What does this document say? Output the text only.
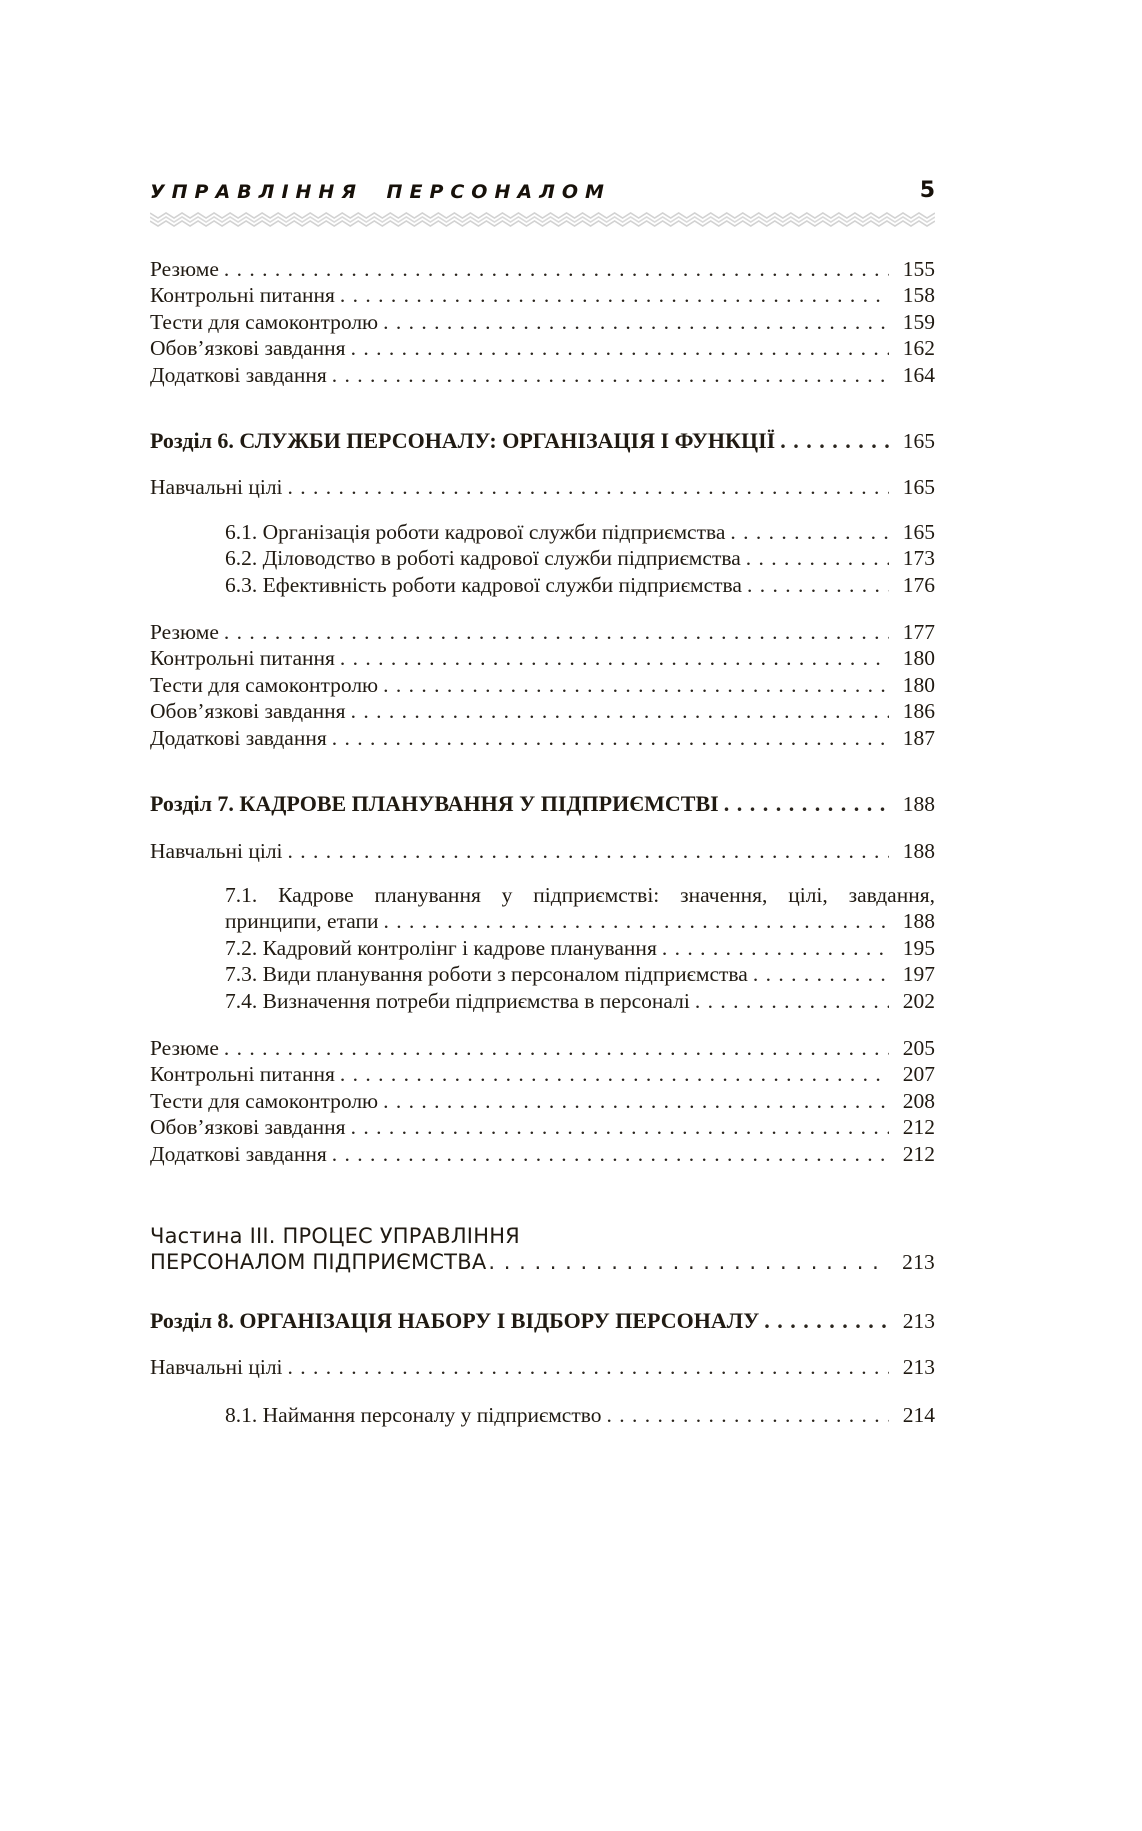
УПРАВЛІННЯ ПЕРСОНАЛОМ	5
Резюме . . .	155
Контрольні питання . . .	158
Тести для самоконтролю . . .	159
Обов’язкові завдання . . .	162
Додаткові завдання . . .	164
Розділ 6. СЛУЖБИ ПЕРСОНАЛУ: ОРГАНІЗАЦІЯ І ФУНКЦІЇ . . .	165
Навчальні цілі . . .	165
6.1. Організація роботи кадрової служби підприємства . . .	165
6.2. Діловодство в роботі кадрової служби підприємства . . .	173
6.3. Ефективність роботи кадрової служби підприємства . . .	176
Резюме . . .	177
Контрольні питання . . .	180
Тести для самоконтролю . . .	180
Обов’язкові завдання . . .	186
Додаткові завдання . . .	187
Розділ 7. КАДРОВЕ ПЛАНУВАННЯ У ПІДПРИЄМСТВІ . . .	188
Навчальні цілі . . .	188
7.1. Кадрове планування у підприємстві: значення, цілі, завдання,
принципи, етапи . . .	188
7.2. Кадровий контролінг і кадрове планування . . .	195
7.3. Види планування роботи з персоналом підприємства . . .	197
7.4. Визначення потреби підприємства в персоналі . . .	202
Резюме . . .	205
Контрольні питання . . .	207
Тести для самоконтролю . . .	208
Обов’язкові завдання . . .	212
Додаткові завдання . . .	212
Частина III. ПРОЦЕС УПРАВЛІННЯ
ПЕРСОНАЛОМ ПІДПРИЄМСТВА . . .	213
Розділ 8. ОРГАНІЗАЦІЯ НАБОРУ І ВІДБОРУ ПЕРСОНАЛУ . . .	213
Навчальні цілі . . .	213
8.1. Наймання персоналу у підприємство . . .	214
